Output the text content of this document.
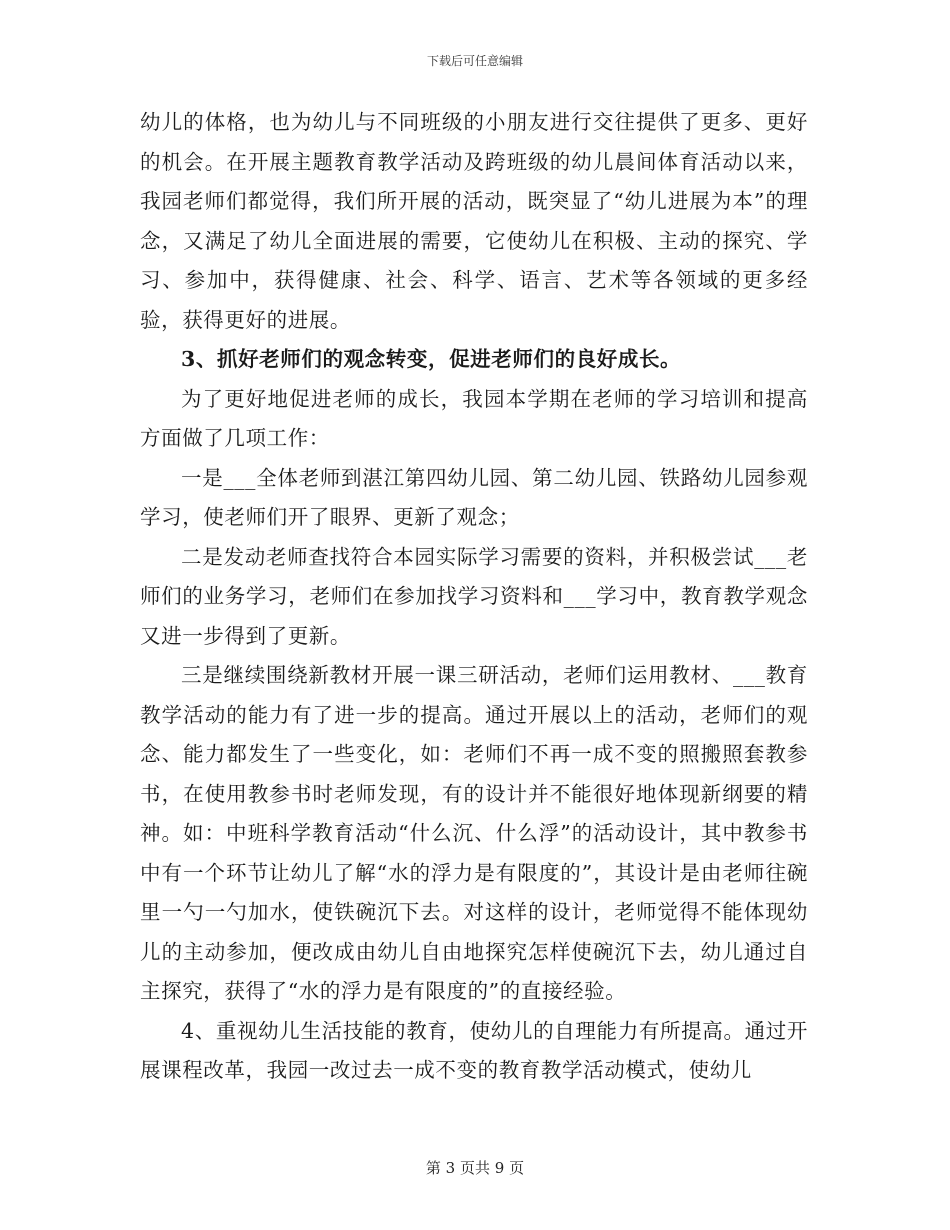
下载后可任意编辑

幼儿的体格，也为幼儿与不同班级的小朋友进行交往提供了更多、更好的机会。在开展主题教育教学活动及跨班级的幼儿晨间体育活动以来，我园老师们都觉得，我们所开展的活动，既突显了“幼儿进展为本”的理念，又满足了幼儿全面进展的需要，它使幼儿在积极、主动的探究、学习、参加中，获得健康、社会、科学、语言、艺术等各领域的更多经验，获得更好的进展。

3、抓好老师们的观念转变，促进老师们的良好成长。

为了更好地促进老师的成长，我园本学期在老师的学习培训和提高方面做了几项工作：

一是___全体老师到湛江第四幼儿园、第二幼儿园、铁路幼儿园参观学习，使老师们开了眼界、更新了观念；

二是发动老师查找符合本园实际学习需要的资料，并积极尝试___老师们的业务学习，老师们在参加找学习资料和___学习中，教育教学观念又进一步得到了更新。

三是继续围绕新教材开展一课三研活动，老师们运用教材、___教育教学活动的能力有了进一步的提高。通过开展以上的活动，老师们的观念、能力都发生了一些变化，如：老师们不再一成不变的照搬照套教参书，在使用教参书时老师发现，有的设计并不能很好地体现新纲要的精神。如：中班科学教育活动“什么沉、什么浮”的活动设计，其中教参书中有一个环节让幼儿了解“水的浮力是有限度的”，其设计是由老师往碗里一勺一勺加水，使铁碗沉下去。对这样的设计，老师觉得不能体现幼儿的主动参加，便改成由幼儿自由地探究怎样使碗沉下去，幼儿通过自主探究，获得了“水的浮力是有限度的”的直接经验。

4、重视幼儿生活技能的教育，使幼儿的自理能力有所提高。通过开展课程改革，我园一改过去一成不变的教育教学活动模式，使幼儿

第 3 页共 9 页
